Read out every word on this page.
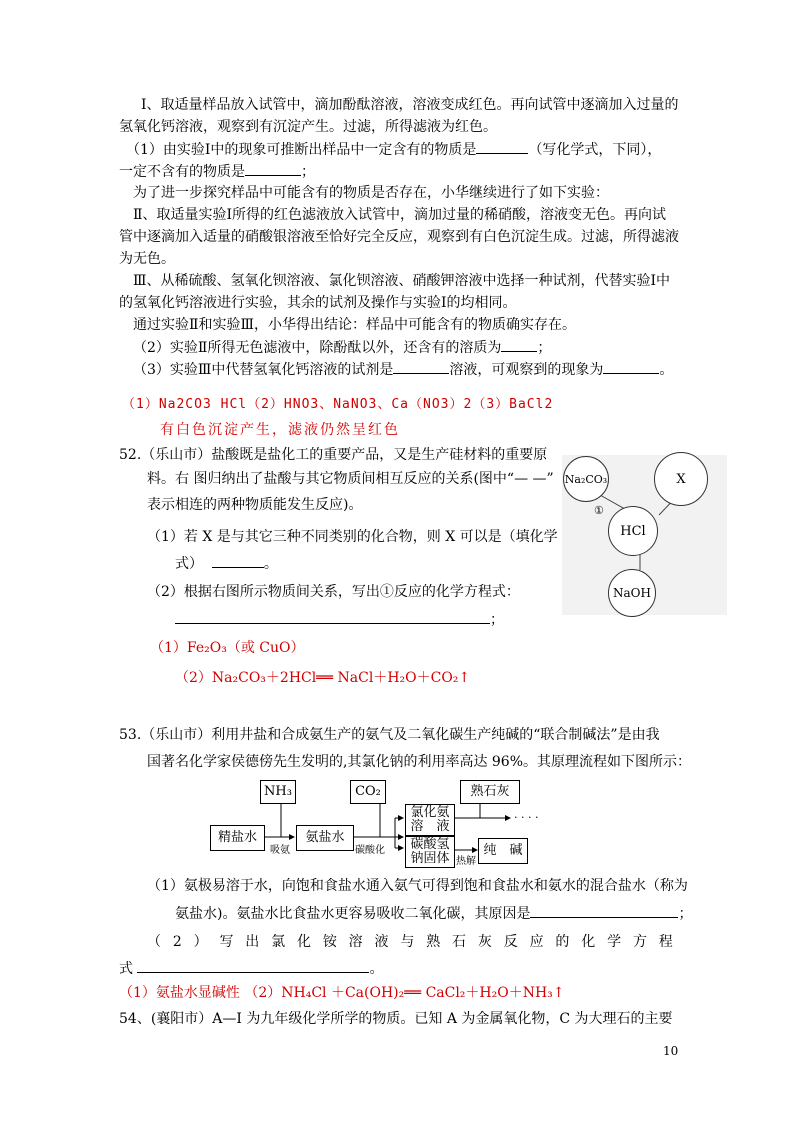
Ⅰ、取适量样品放入试管中，滴加酚酞溶液，溶液变成红色。再向试管中逐滴加入过量的
氢氧化钙溶液，观察到有沉淀产生。过滤，所得滤液为红色。
（1）由实验Ⅰ中的现象可推断出样品中一定含有的物质是	（写化学式，下同），
一定不含有的物质是	；
为了进一步探究样品中可能含有的物质是否存在，小华继续进行了如下实验：
Ⅱ、取适量实验Ⅰ所得的红色滤液放入试管中，滴加过量的稀硝酸，溶液变无色。再向试
管中逐滴加入适量的硝酸银溶液至恰好完全反应，观察到有白色沉淀生成。过滤，所得滤液
为无色。
Ⅲ、从稀硫酸、氢氧化钡溶液、氯化钡溶液、硝酸钾溶液中选择一种试剂，代替实验Ⅰ中
的氢氧化钙溶液进行实验，其余的试剂及操作与实验Ⅰ的均相同。
通过实验Ⅱ和实验Ⅲ，小华得出结论：样品中可能含有的物质确实存在。
（2）实验Ⅱ所得无色滤液中，除酚酞以外，还含有的溶质为	；
（3）实验Ⅲ中代替氢氧化钙溶液的试剂是	溶液，可观察到的现象为	。
（1）Na2CO3 HCl（2）HNO3、NaNO3、Ca（NO3）2（3）BaCl2
有白色沉淀产生，滤液仍然呈红色
52.（乐山市）盐酸既是盐化工的重要产品，又是生产硅材料的重要原
料。右 图归纳出了盐酸与其它物质间相互反应的关系(图中“— —”
表示相连的两种物质能发生反应)。
（1）若 X 是与其它三种不同类别的化合物，则 X 可以是（填化学
式）	。
（2）根据右图所示物质间关系，写出①反应的化学方程式：
；
（1）Fe₂O₃（或 CuO）
（2）Na₂CO₃＋2HCl══ NaCl＋H₂O＋CO₂↑
Na₂CO₃	X
①
HCl
NaOH
53.（乐山市）利用井盐和合成氨生产的氨气及二氧化碳生产纯碱的“联合制碱法”是由我
国著名化学家侯德傍先生发明的,其氯化钠的利用率高达 96%。其原理流程如下图所示：
NH₃	CO₂
精盐水	氨盐水
氯化氨
溶　液
碳酸氢
钠固体
熟石灰
纯　碱
吸氨	碳酸化
热解
· · · ·
（1）氨极易溶于水，向饱和食盐水通入氨气可得到饱和食盐水和氨水的混合盐水（称为
氨盐水)。氨盐水比食盐水更容易吸收二氧化碳，其原因是	；
（ 2 ） 写 出 氯 化 铵 溶 液 与 熟 石 灰 反 应 的 化 学 方 程
式	。
（1）氨盐水显碱性 （2）NH₄Cl ＋Ca(OH)₂══ CaCl₂＋H₂O＋NH₃↑
54、(襄阳市）A—I 为九年级化学所学的物质。已知 A 为金属氧化物，C 为大理石的主要
10
